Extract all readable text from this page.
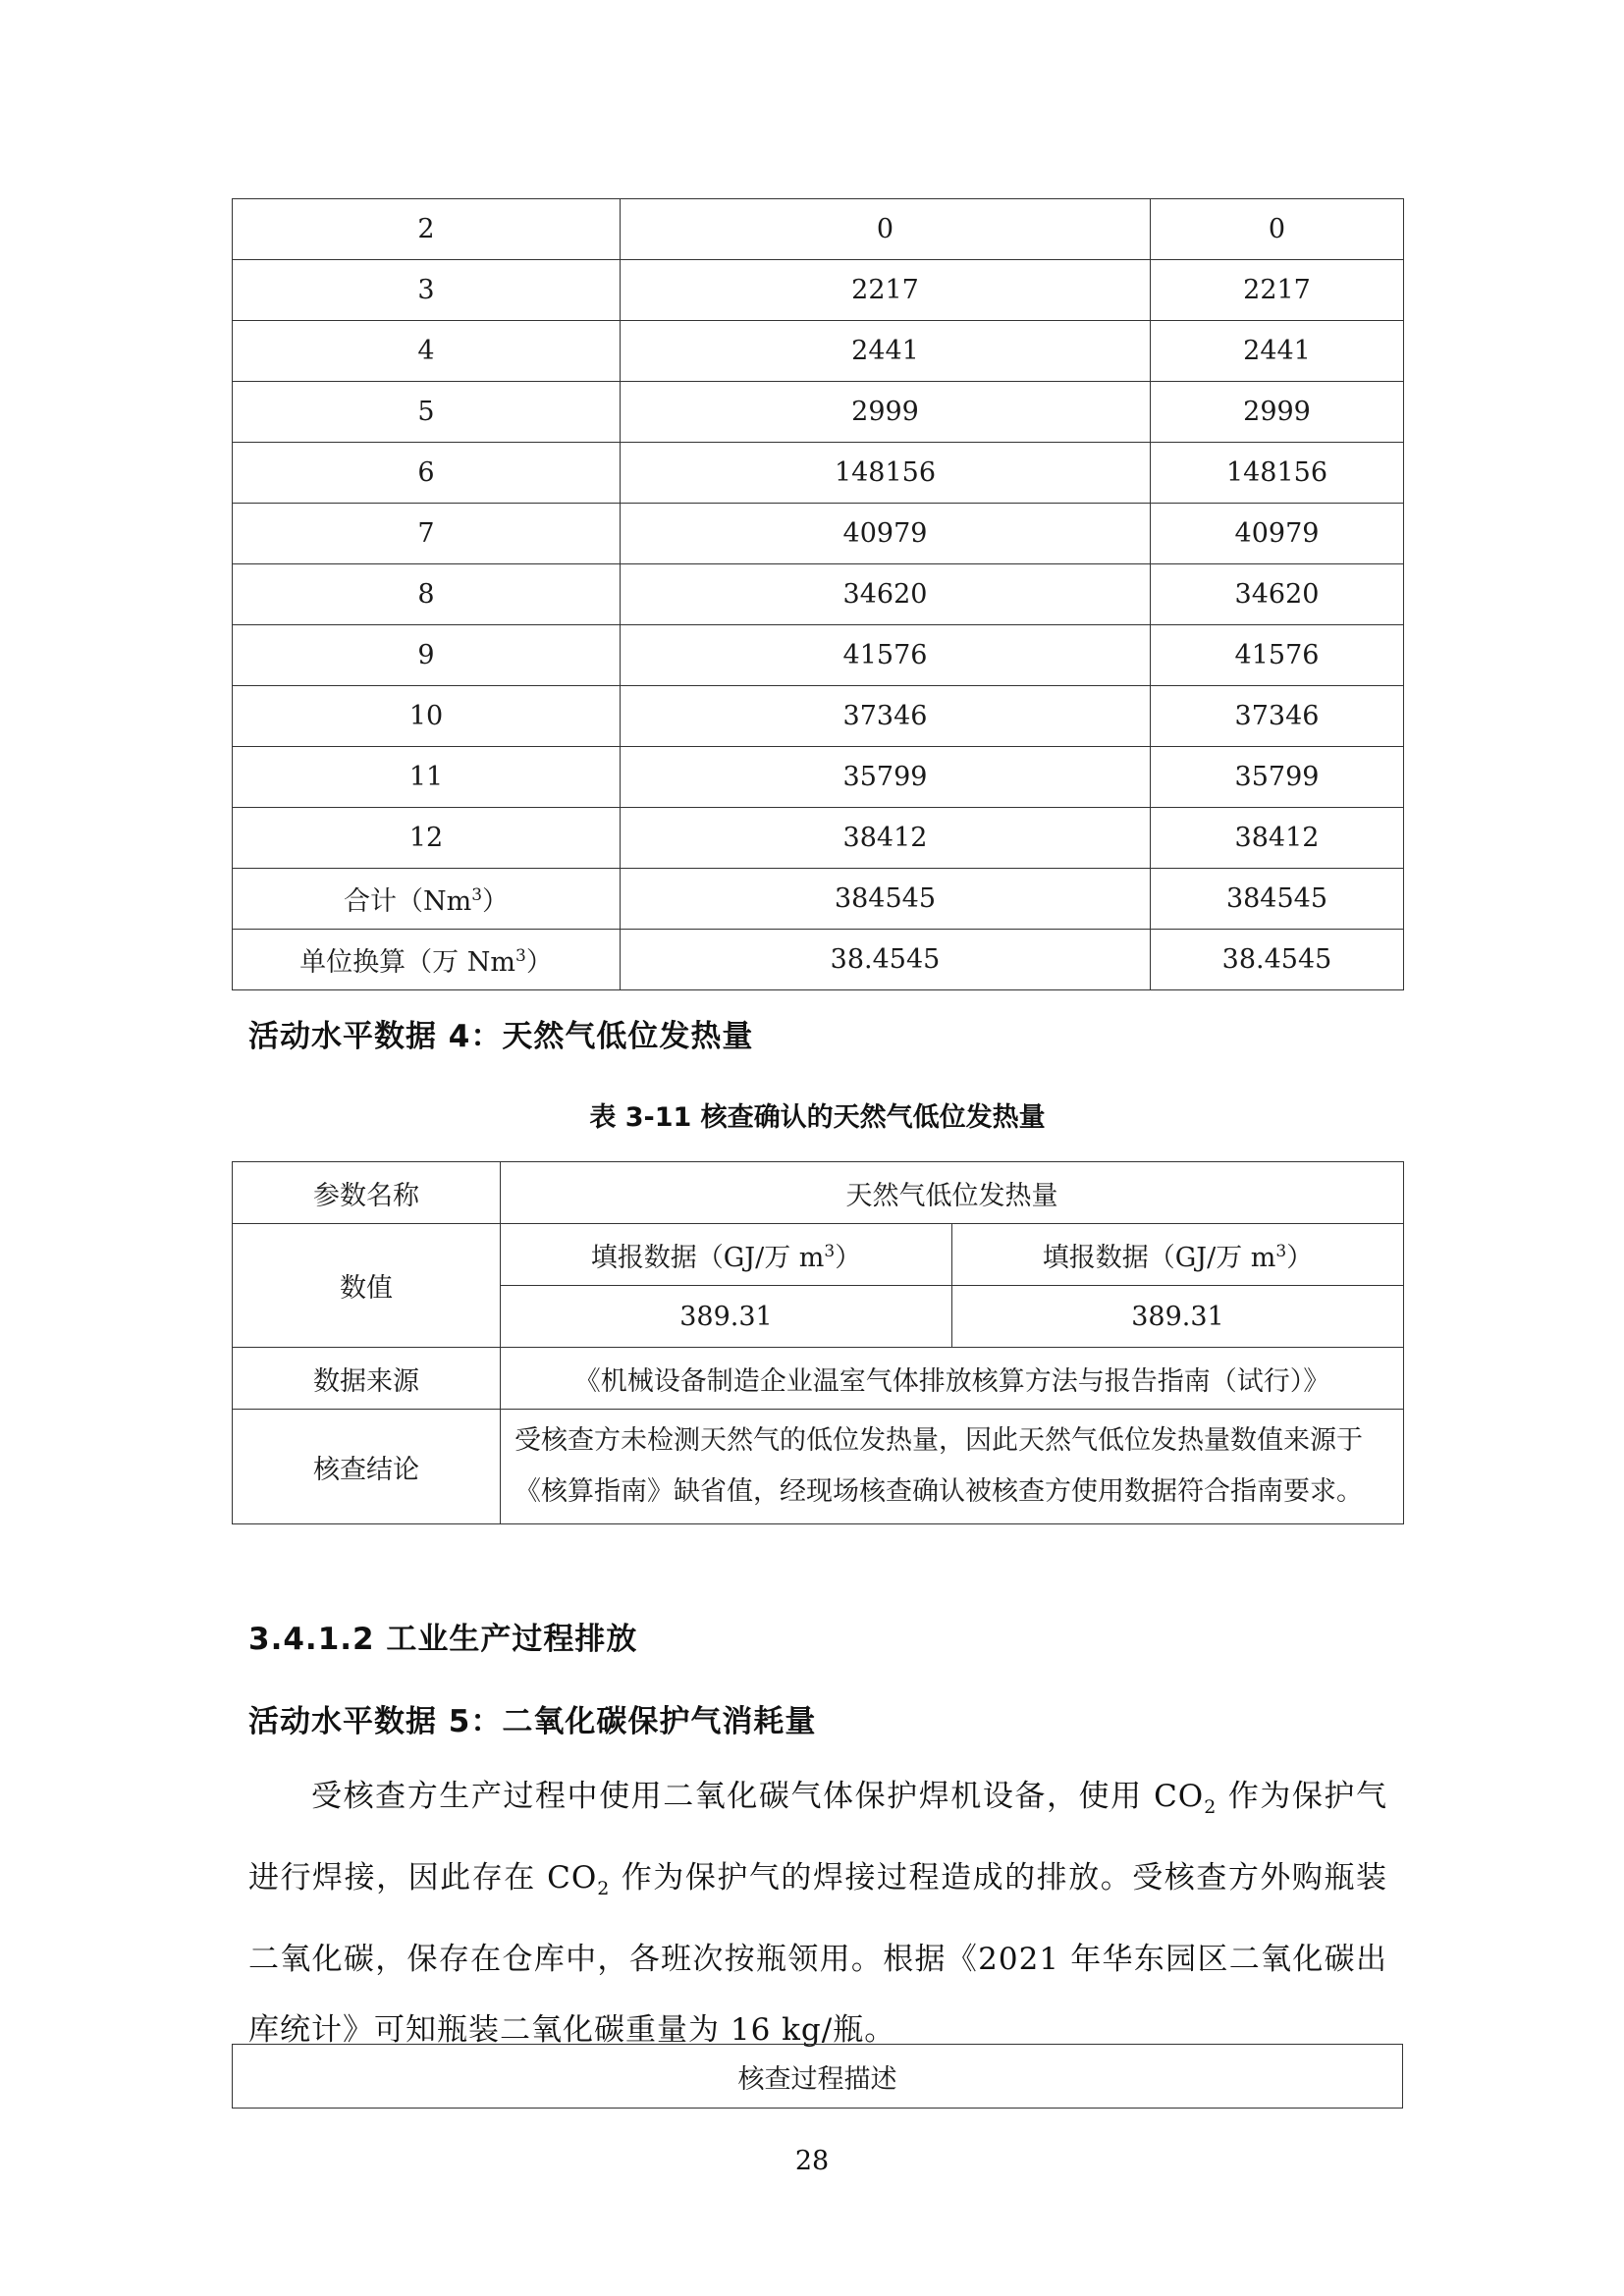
2	0	0
3	2217	2217
4	2441	2441
5	2999	2999
6	148156	148156
7	40979	40979
8	34620	34620
9	41576	41576
10	37346	37346
11	35799	35799
12	38412	38412
合计（Nm$^3$）	384545	384545
单位换算（万 Nm$^3$）	38.4545	38.4545
活动水平数据 4：天然气低位发热量
表 3-11 核查确认的天然气低位发热量
参数名称	天然气低位发热量	
数值	填报数据（GJ/万 $m^3$）	填报数据（GJ/万 $m^3$）
	389.31	389.31
数据来源	《机械设备制造企业温室气体排放核算方法与报告指南（试行）》	
核查结论	受核查方未检测天然气的低位发热量，因此天然气低位发热量数值来源于《核算指南》缺省值，经现场核查确认被核查方使用数据符合指南要求。	
3.4.1.2 工业生产过程排放
活动水平数据 5：二氧化碳保护气消耗量
受核查方生产过程中使用二氧化碳气体保护焊机设备，使用 $CO_2$ 作为保护气进行焊接，因此存在 $CO_2$ 作为保护气的焊接过程造成的排放。受核查方外购瓶装二氧化碳，保存在仓库中，各班次按瓶领用。根据《2021 年华东园区二氧化碳出库统计》可知瓶装二氧化碳重量为 16 kg/瓶。
核查过程描述
28
